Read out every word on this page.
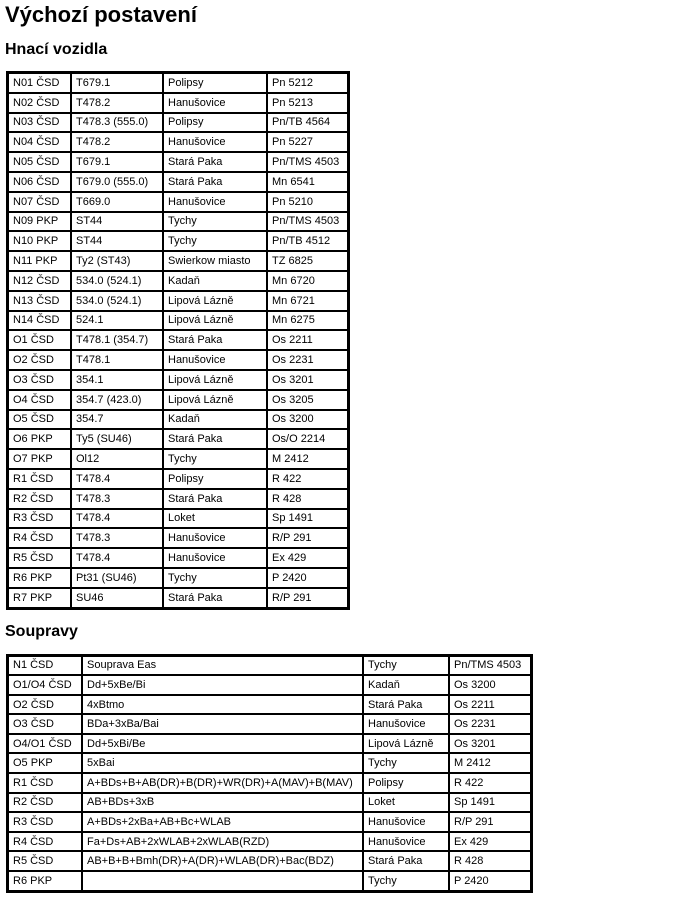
Výchozí postavení
Hnací vozidla
N01 ČSD	T679.1	Polipsy	Pn 5212
N02 ČSD	T478.2	Hanušovice	Pn 5213
N03 ČSD	T478.3 (555.0)	Polipsy	Pn/TB 4564
N04 ČSD	T478.2	Hanušovice	Pn 5227
N05 ČSD	T679.1	Stará Paka	Pn/TMS 4503
N06 ČSD	T679.0 (555.0)	Stará Paka	Mn 6541
N07 ČSD	T669.0	Hanušovice	Pn 5210
N09 PKP	ST44	Tychy	Pn/TMS 4503
N10 PKP	ST44	Tychy	Pn/TB 4512
N11 PKP	Ty2 (ST43)	Swierkow miasto	TZ 6825
N12 ČSD	534.0 (524.1)	Kadaň	Mn 6720
N13 ČSD	534.0 (524.1)	Lipová Lázně	Mn 6721
N14 ČSD	524.1	Lipová Lázně	Mn 6275
O1 ČSD	T478.1 (354.7)	Stará Paka	Os 2211
O2 ČSD	T478.1	Hanušovice	Os 2231
O3 ČSD	354.1	Lipová Lázně	Os 3201
O4 ČSD	354.7 (423.0)	Lipová Lázně	Os 3205
O5 ČSD	354.7	Kadaň	Os 3200
O6 PKP	Ty5 (SU46)	Stará Paka	Os/O 2214
O7 PKP	Ol12	Tychy	M 2412
R1 ČSD	T478.4	Polipsy	R 422
R2 ČSD	T478.3	Stará Paka	R 428
R3 ČSD	T478.4	Loket	Sp 1491
R4 ČSD	T478.3	Hanušovice	R/P 291
R5 ČSD	T478.4	Hanušovice	Ex 429
R6 PKP	Pt31 (SU46)	Tychy	P 2420
R7 PKP	SU46	Stará Paka	R/P 291
Soupravy
N1 ČSD	Souprava Eas	Tychy	Pn/TMS 4503
O1/O4 ČSD	Dd+5xBe/Bi	Kadaň	Os 3200
O2 ČSD	4xBtmo	Stará Paka	Os 2211
O3 ČSD	BDa+3xBa/Bai	Hanušovice	Os 2231
O4/O1 ČSD	Dd+5xBi/Be	Lipová Lázně	Os 3201
O5 PKP	5xBai	Tychy	M 2412
R1 ČSD	A+BDs+B+AB(DR)+B(DR)+WR(DR)+A(MAV)+B(MAV)	Polipsy	R 422
R2 ČSD	AB+BDs+3xB	Loket	Sp 1491
R3 ČSD	A+BDs+2xBa+AB+Bc+WLAB	Hanušovice	R/P 291
R4 ČSD	Fa+Ds+AB+2xWLAB+2xWLAB(RZD)	Hanušovice	Ex 429
R5 ČSD	AB+B+B+Bmh(DR)+A(DR)+WLAB(DR)+Bac(BDZ)	Stará Paka	R 428
R6 PKP		Tychy	P 2420
